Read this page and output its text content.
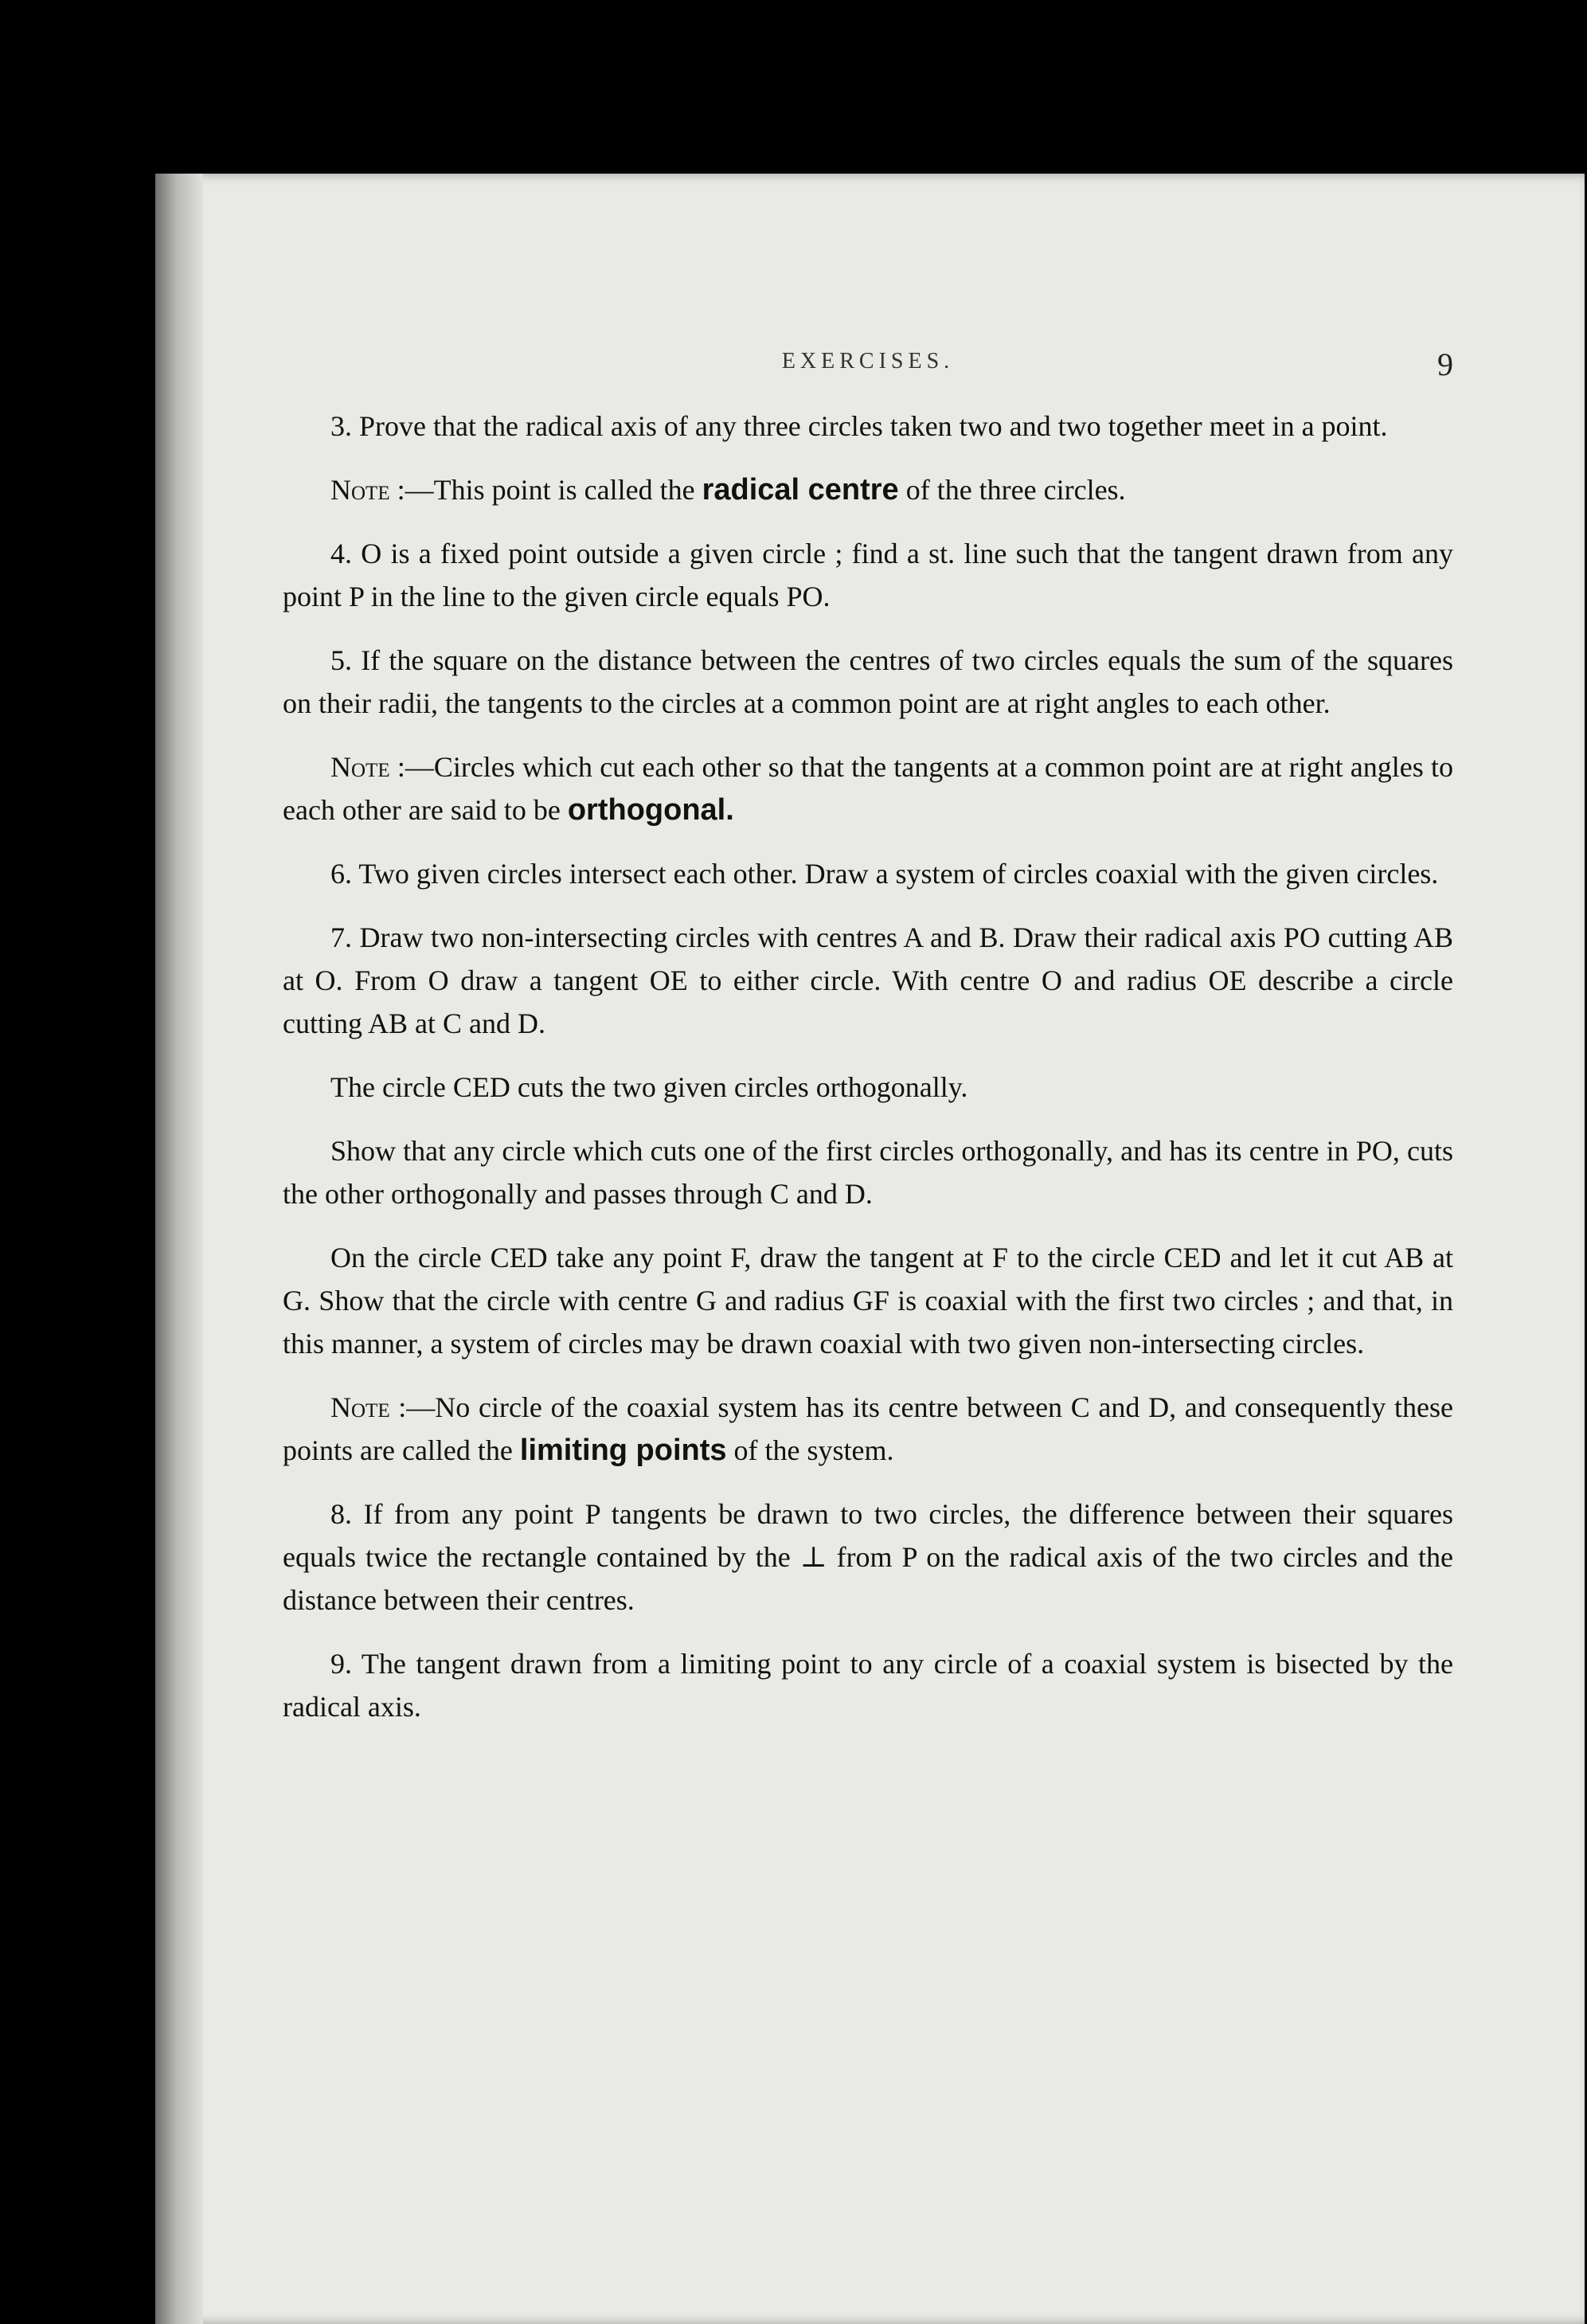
EXERCISES.	9

3. Prove that the radical axis of any three circles taken two and two together meet in a point.

Note :—This point is called the radical centre of the three circles.

4. O is a fixed point outside a given circle ; find a st. line such that the tangent drawn from any point P in the line to the given circle equals PO.

5. If the square on the distance between the centres of two circles equals the sum of the squares on their radii, the tangents to the circles at a common point are at right angles to each other.

Note :—Circles which cut each other so that the tangents at a common point are at right angles to each other are said to be orthogonal.

6. Two given circles intersect each other. Draw a system of circles coaxial with the given circles.

7. Draw two non-intersecting circles with centres A and B. Draw their radical axis PO cutting AB at O. From O draw a tangent OE to either circle. With centre O and radius OE describe a circle cutting AB at C and D.

The circle CED cuts the two given circles orthogonally.

Show that any circle which cuts one of the first circles orthogonally, and has its centre in PO, cuts the other orthogonally and passes through C and D.

On the circle CED take any point F, draw the tangent at F to the circle CED and let it cut AB at G. Show that the circle with centre G and radius GF is coaxial with the first two circles ; and that, in this manner, a system of circles may be drawn coaxial with two given non-intersecting circles.

Note :—No circle of the coaxial system has its centre between C and D, and consequently these points are called the limiting points of the system.

8. If from any point P tangents be drawn to two circles, the difference between their squares equals twice the rectangle contained by the ⊥ from P on the radical axis of the two circles and the distance between their centres.

9. The tangent drawn from a limiting point to any circle of a coaxial system is bisected by the radical axis.
